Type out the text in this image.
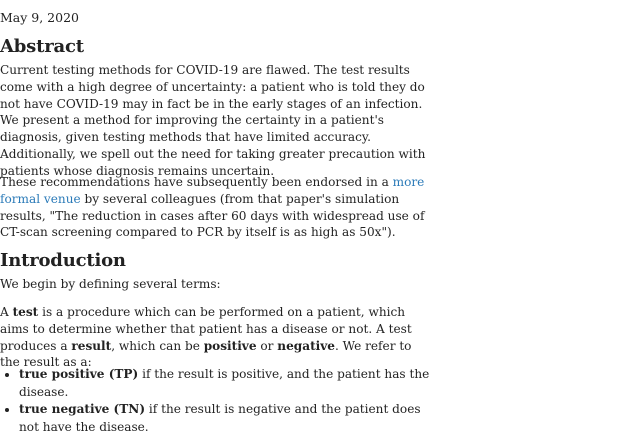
May 9, 2020
Abstract

Current testing methods for COVID-19 are flawed. The test results come with a high degree of uncertainty: a patient who is told they do not have COVID-19 may in fact be in the early stages of an infection. We present a method for improving the certainty in a patient's diagnosis, given testing methods that have limited accuracy. Additionally, we spell out the need for taking greater precaution with patients whose diagnosis remains uncertain.

These recommendations have subsequently been endorsed in a more formal venue by several colleagues (from that paper's simulation results, "The reduction in cases after 60 days with widespread use of CT-scan screening compared to PCR by itself is as high as 50x").

Introduction

We begin by defining several terms:

A test is a procedure which can be performed on a patient, which aims to determine whether that patient has a disease or not. A test produces a result, which can be positive or negative. We refer to the result as a:

• true positive (TP) if the result is positive, and the patient has the disease.
• true negative (TN) if the result is negative and the patient does not have the disease.
